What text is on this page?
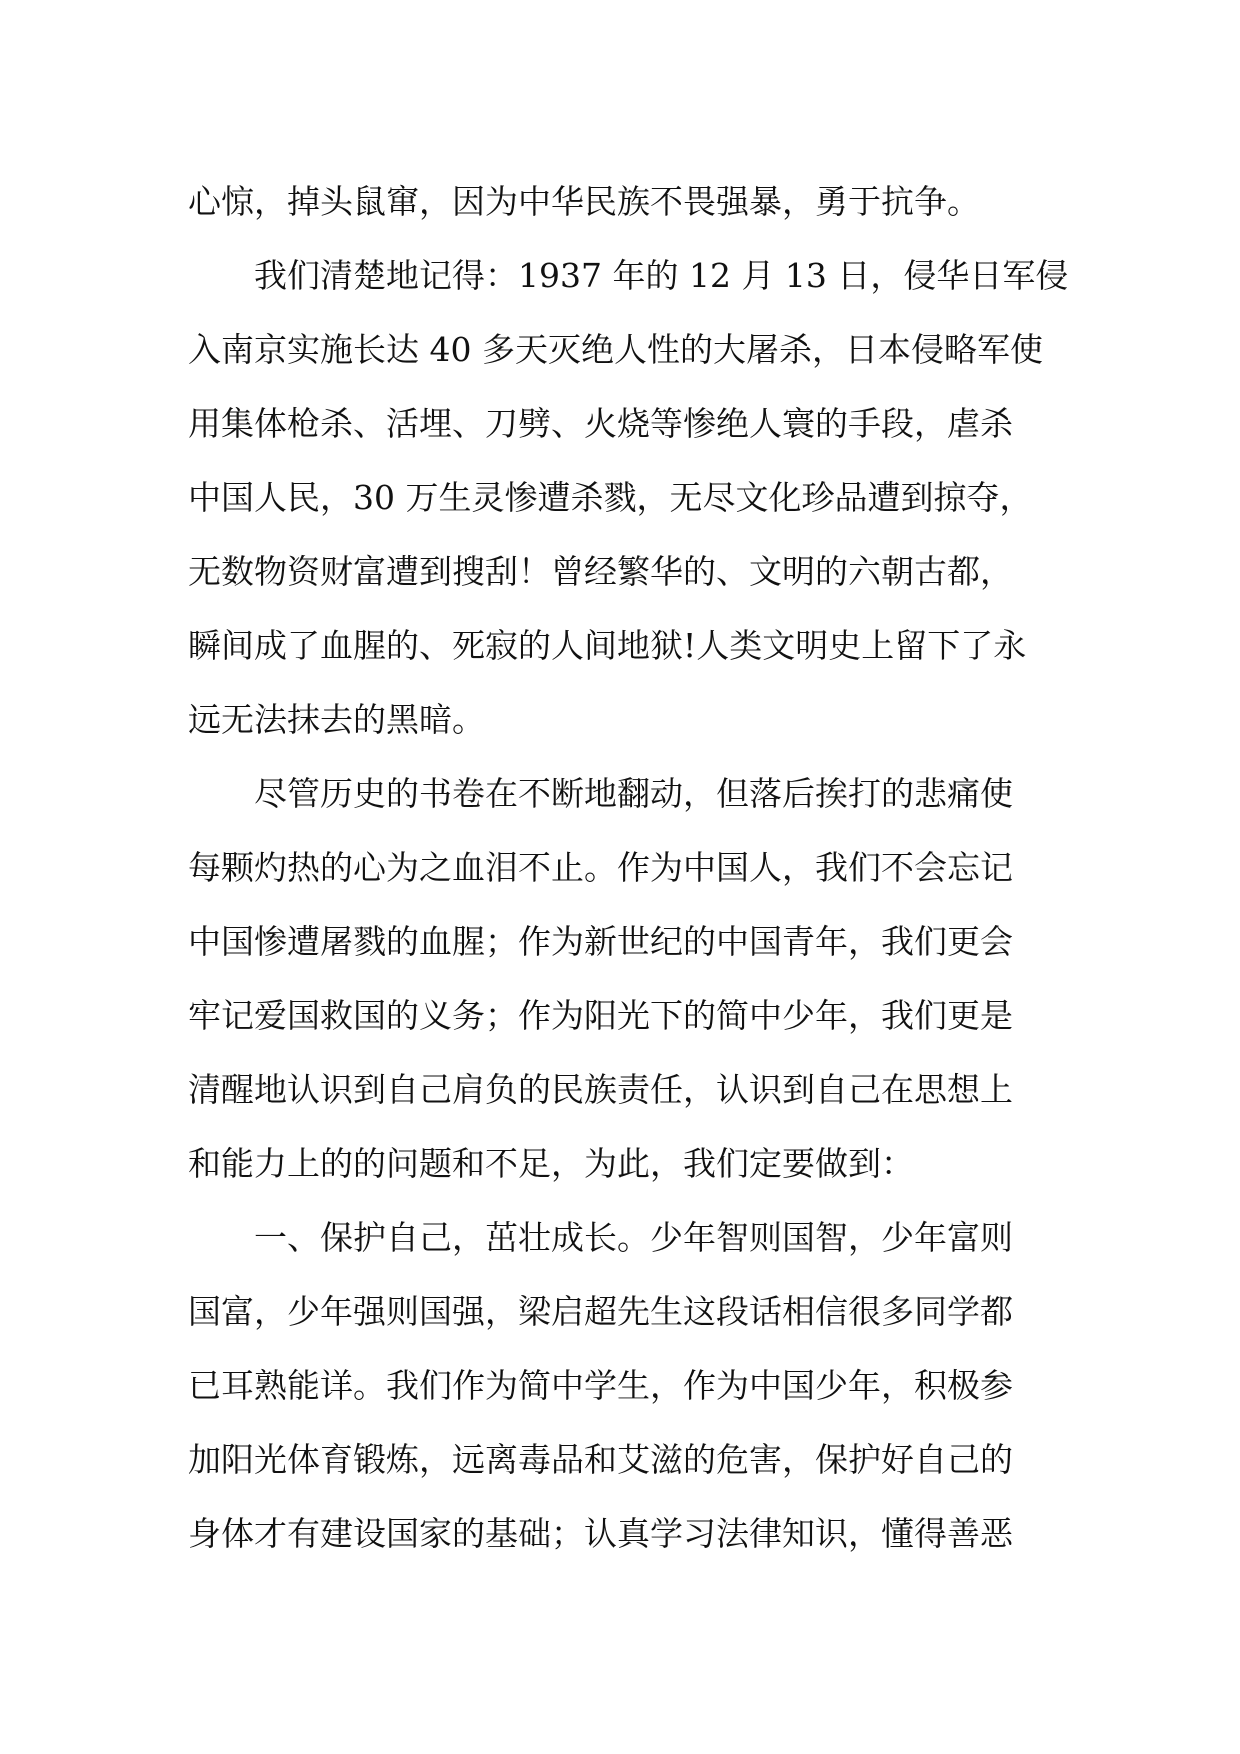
心惊，掉头鼠窜，因为中华民族不畏强暴，勇于抗争。
我们清楚地记得：1937 年的 12 月 13 日，侵华日军侵
入南京实施长达 40 多天灭绝人性的大屠杀，日本侵略军使
用集体枪杀、活埋、刀劈、火烧等惨绝人寰的手段，虐杀
中国人民，30 万生灵惨遭杀戮，无尽文化珍品遭到掠夺，
无数物资财富遭到搜刮！曾经繁华的、文明的六朝古都，
瞬间成了血腥的、死寂的人间地狱!人类文明史上留下了永
远无法抹去的黑暗。
尽管历史的书卷在不断地翻动，但落后挨打的悲痛使
每颗灼热的心为之血泪不止。作为中国人，我们不会忘记
中国惨遭屠戮的血腥；作为新世纪的中国青年，我们更会
牢记爱国救国的义务；作为阳光下的简中少年，我们更是
清醒地认识到自己肩负的民族责任，认识到自己在思想上
和能力上的的问题和不足，为此，我们定要做到：
一、保护自己，茁壮成长。少年智则国智，少年富则
国富，少年强则国强，梁启超先生这段话相信很多同学都
已耳熟能详。我们作为简中学生，作为中国少年，积极参
加阳光体育锻炼，远离毒品和艾滋的危害，保护好自己的
身体才有建设国家的基础；认真学习法律知识，懂得善恶
